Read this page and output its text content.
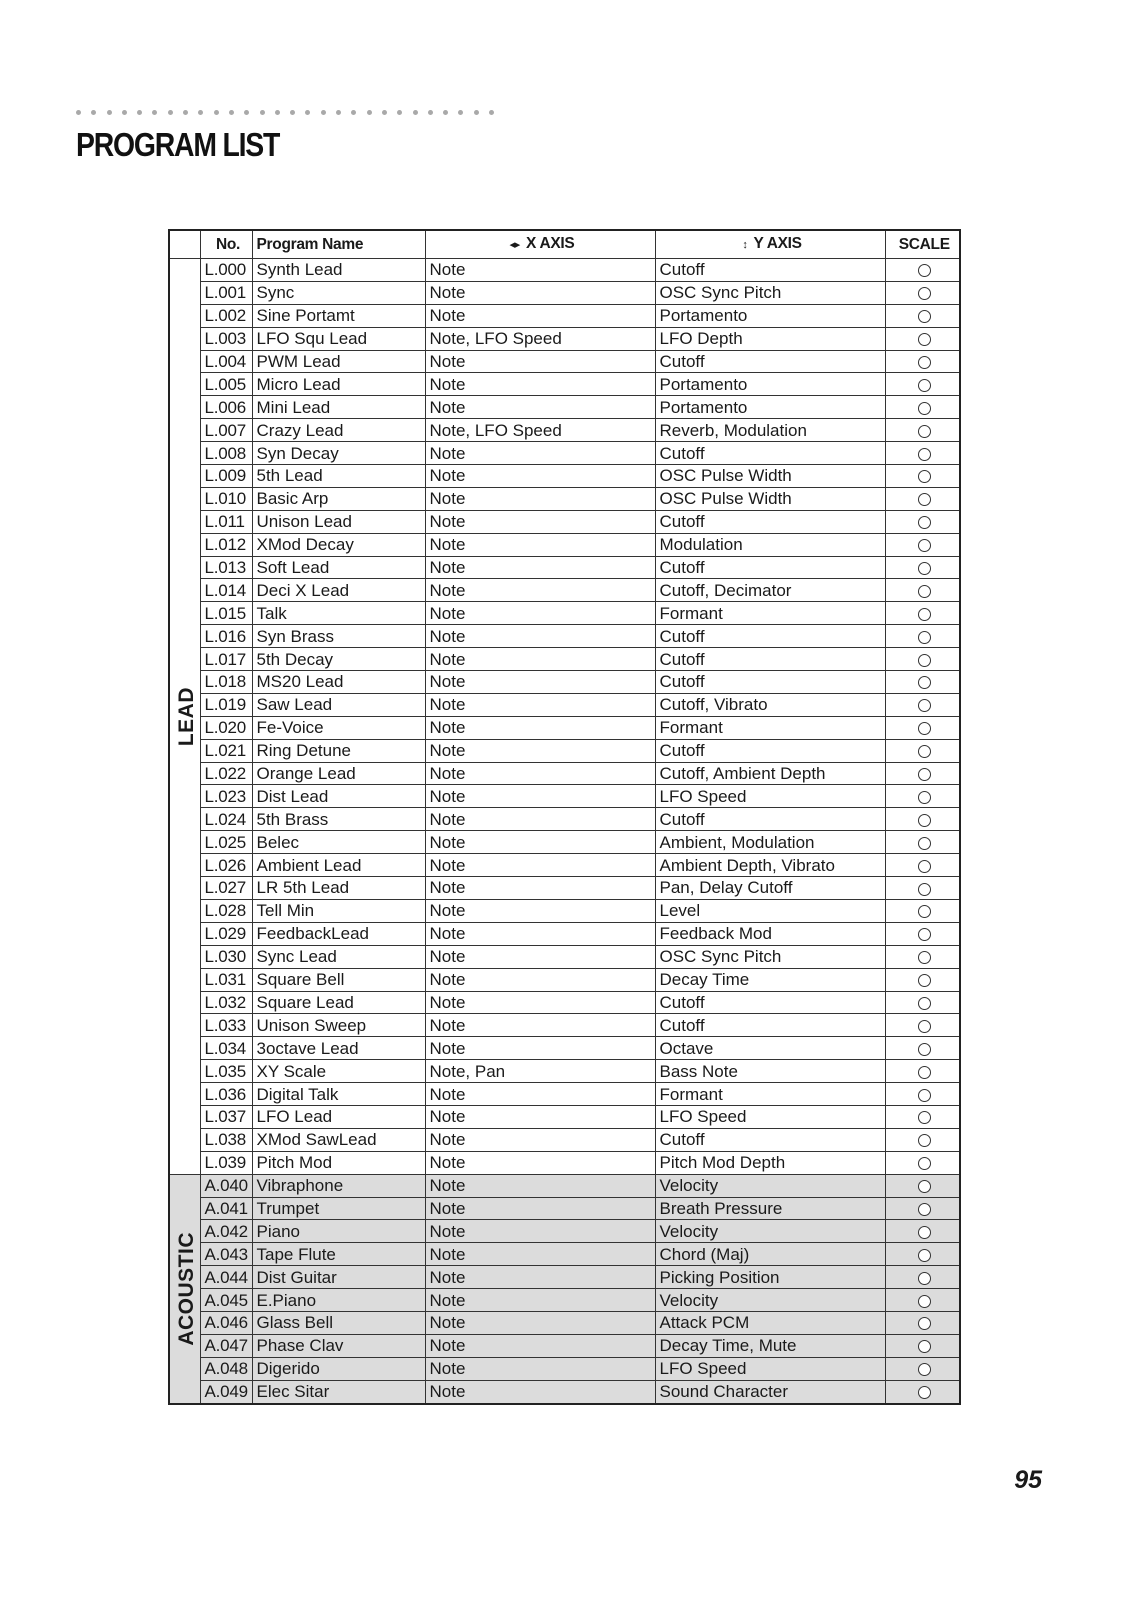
PROGRAM LIST
	No.	Program Name	◂▸ X AXIS	↕ Y AXIS	SCALE

LEAD	L.000	Synth Lead	Note	Cutoff	
	L.001	Sync	Note	OSC Sync Pitch	
	L.002	Sine Portamt	Note	Portamento	
	L.003	LFO Squ Lead	Note, LFO Speed	LFO Depth	
	L.004	PWM Lead	Note	Cutoff	
	L.005	Micro Lead	Note	Portamento	
	L.006	Mini Lead	Note	Portamento	
	L.007	Crazy Lead	Note, LFO Speed	Reverb, Modulation	
	L.008	Syn Decay	Note	Cutoff	
	L.009	5th Lead	Note	OSC Pulse Width	
	L.010	Basic Arp	Note	OSC Pulse Width	
	L.011	Unison Lead	Note	Cutoff	
	L.012	XMod Decay	Note	Modulation	
	L.013	Soft Lead	Note	Cutoff	
	L.014	Deci X Lead	Note	Cutoff, Decimator	
	L.015	Talk	Note	Formant	
	L.016	Syn Brass	Note	Cutoff	
	L.017	5th Decay	Note	Cutoff	
	L.018	MS20 Lead	Note	Cutoff	
	L.019	Saw Lead	Note	Cutoff, Vibrato	
	L.020	Fe-Voice	Note	Formant	
	L.021	Ring Detune	Note	Cutoff	
	L.022	Orange Lead	Note	Cutoff, Ambient Depth	
	L.023	Dist Lead	Note	LFO Speed	
	L.024	5th Brass	Note	Cutoff	
	L.025	Belec	Note	Ambient, Modulation	
	L.026	Ambient Lead	Note	Ambient Depth, Vibrato	
	L.027	LR 5th Lead	Note	Pan, Delay Cutoff	
	L.028	Tell Min	Note	Level	
	L.029	FeedbackLead	Note	Feedback Mod	
	L.030	Sync Lead	Note	OSC Sync Pitch	
	L.031	Square Bell	Note	Decay Time	
	L.032	Square Lead	Note	Cutoff	
	L.033	Unison Sweep	Note	Cutoff	
	L.034	3octave Lead	Note	Octave	
	L.035	XY Scale	Note, Pan	Bass Note	
	L.036	Digital Talk	Note	Formant	
	L.037	LFO Lead	Note	LFO Speed	
	L.038	XMod SawLead	Note	Cutoff	
	L.039	Pitch Mod	Note	Pitch Mod Depth	

ACOUSTIC	A.040	Vibraphone	Note	Velocity	
	A.041	Trumpet	Note	Breath Pressure	
	A.042	Piano	Note	Velocity	
	A.043	Tape Flute	Note	Chord (Maj)	
	A.044	Dist Guitar	Note	Picking Position	
	A.045	E.Piano	Note	Velocity	
	A.046	Glass Bell	Note	Attack PCM	
	A.047	Phase Clav	Note	Decay Time, Mute	
	A.048	Digerido	Note	LFO Speed	
	A.049	Elec Sitar	Note	Sound Character	
95
